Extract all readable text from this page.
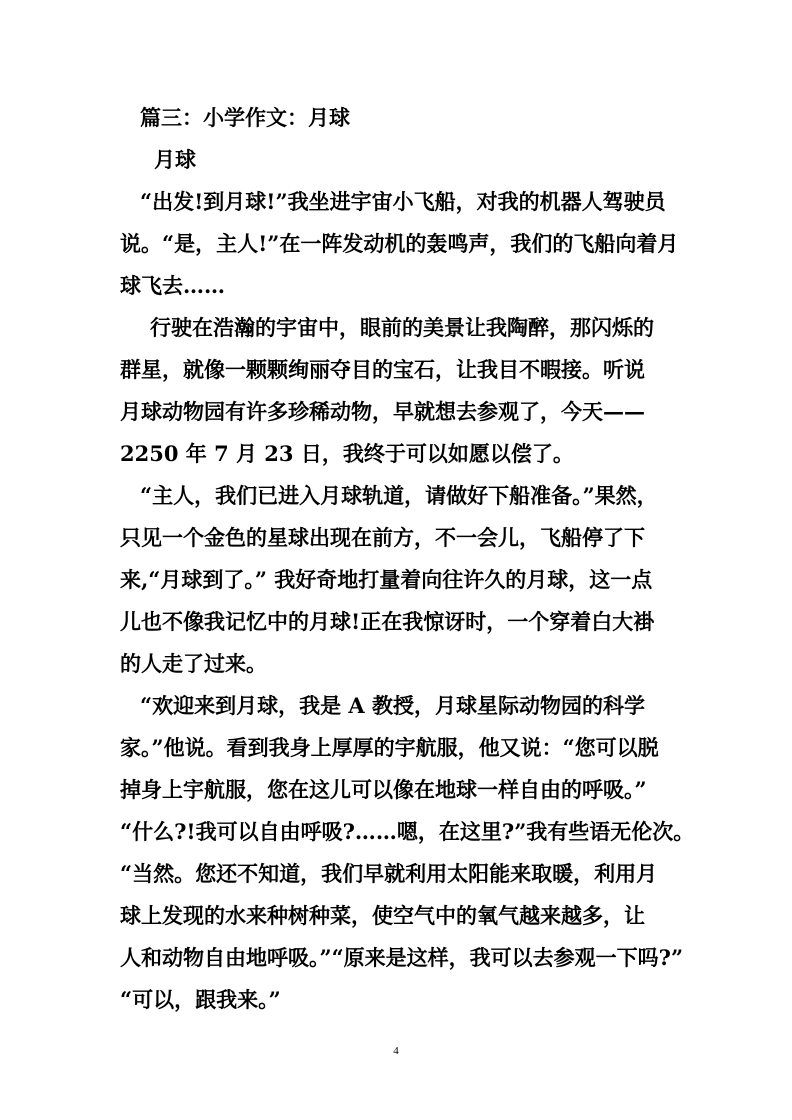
篇三：小学作文：月球

月球

“出发!到月球!”我坐进宇宙小飞船，对我的机器人驾驶员

说。“是，主人!”在一阵发动机的轰鸣声，我们的飞船向着月

球飞去……

行驶在浩瀚的宇宙中，眼前的美景让我陶醉，那闪烁的

群星，就像一颗颗绚丽夺目的宝石，让我目不暇接。听说

月球动物园有许多珍稀动物，早就想去参观了，今天——

2250 年 7 月 23 日，我终于可以如愿以偿了。

“主人，我们已进入月球轨道，请做好下船准备。”果然，

只见一个金色的星球出现在前方，不一会儿，飞船停了下

来,“月球到了。” 我好奇地打量着向往许久的月球，这一点

儿也不像我记忆中的月球!正在我惊讶时，一个穿着白大褂

的人走了过来。

“欢迎来到月球，我是 A 教授，月球星际动物园的科学

家。”他说。看到我身上厚厚的宇航服，他又说：“您可以脱

掉身上宇航服，您在这儿可以像在地球一样自由的呼吸。”

“什么?!我可以自由呼吸?……嗯，在这里?”我有些语无伦次。

“当然。您还不知道，我们早就利用太阳能来取暖，利用月

球上发现的水来种树种菜，使空气中的氧气越来越多，让

人和动物自由地呼吸。”“原来是这样，我可以去参观一下吗?”

“可以，跟我来。”

4
